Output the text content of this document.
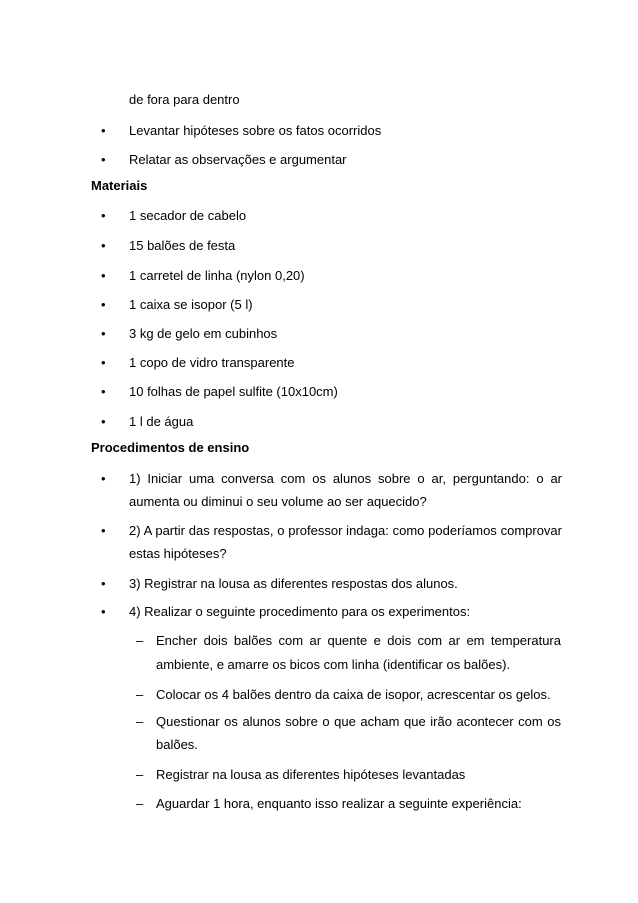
de fora para dentro
•
Levantar hipóteses sobre os fatos ocorridos
•
Relatar as observações e argumentar
Materiais
•
1 secador de cabelo
•
15 balões de festa
•
1 carretel de linha (nylon 0,20)
•
1 caixa se isopor (5 l)
•
3 kg de gelo em cubinhos
•
1 copo de vidro transparente
•
10 folhas de papel sulfite (10x10cm)
•
1 l de água
Procedimentos de ensino
•
1) Iniciar uma conversa com os alunos sobre o ar, perguntando: o ar
aumenta ou diminui o seu volume ao ser aquecido?
•
2) A partir das respostas, o professor indaga: como poderíamos comprovar
estas hipóteses?
•
3) Registrar na lousa as diferentes respostas dos alunos.
•
4) Realizar o seguinte procedimento para os experimentos:
–
Encher dois balões com ar quente e dois com ar em temperatura
ambiente, e amarre os bicos com linha (identificar os balões).
–
Colocar os 4 balões dentro da caixa de isopor, acrescentar os gelos.
–
Questionar os alunos sobre o que acham que irão acontecer com os
balões.
–
Registrar na lousa as diferentes hipóteses levantadas
–
Aguardar 1 hora, enquanto isso realizar a seguinte experiência:
